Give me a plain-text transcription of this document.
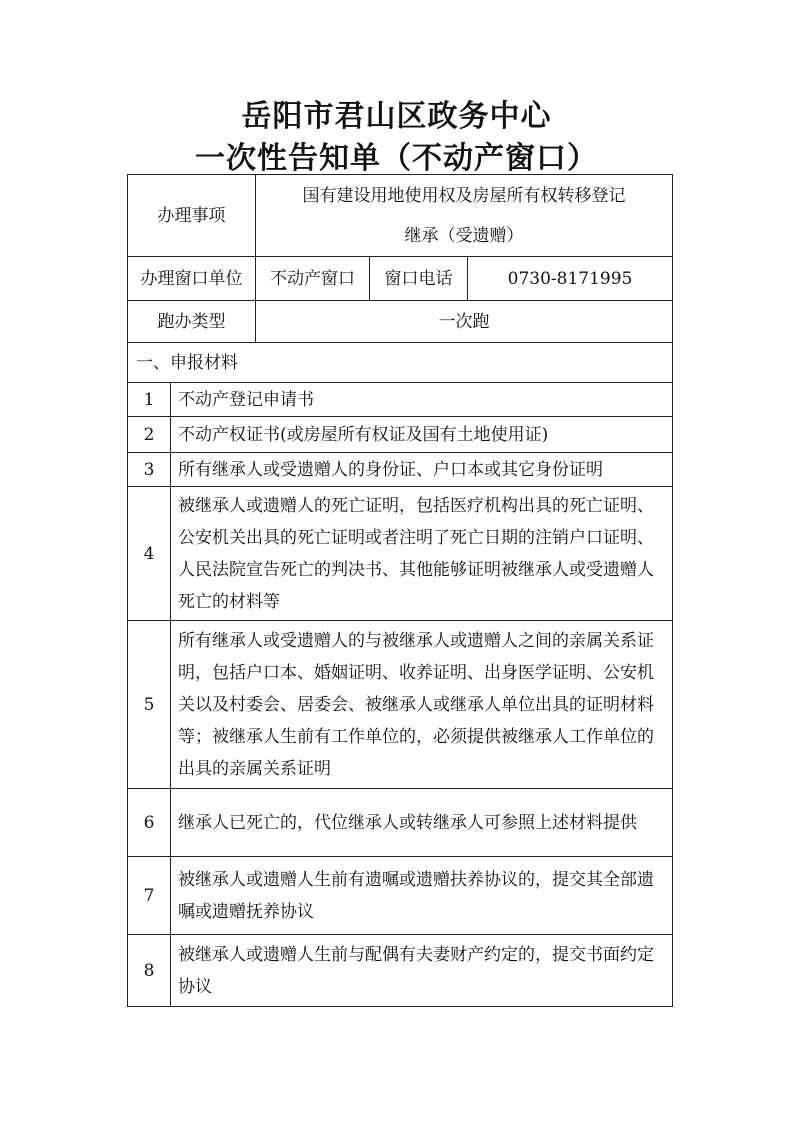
岳阳市君山区政务中心
一次性告知单（不动产窗口）
办理事项		国有建设用地使用权及房屋所有权转移登记
继承（受遗赠）		

办理窗口单位		不动产窗口	窗口电话	0730-8171995
跑办类型		一次跑		
一、申报材料				
1	不动产登记申请书			
2	不动产权证书(或房屋所有权证及国有土地使用证)			
3	所有继承人或受遗赠人的身份证、户口本或其它身份证明			
4	被继承人或遗赠人的死亡证明，包括医疗机构出具的死亡证明、公安机关出具的死亡证明或者注明了死亡日期的注销户口证明、人民法院宣告死亡的判决书、其他能够证明被继承人或受遗赠人死亡的材料等			
5	所有继承人或受遗赠人的与被继承人或遗赠人之间的亲属关系证明，包括户口本、婚姻证明、收养证明、出身医学证明、公安机关以及村委会、居委会、被继承人或继承人单位出具的证明材料等；被继承人生前有工作单位的，必须提供被继承人工作单位的出具的亲属关系证明			
6	继承人已死亡的，代位继承人或转继承人可参照上述材料提供			
7	被继承人或遗赠人生前有遗嘱或遗赠扶养协议的，提交其全部遗嘱或遗赠抚养协议			
8	被继承人或遗赠人生前与配偶有夫妻财产约定的，提交书面约定协议			
